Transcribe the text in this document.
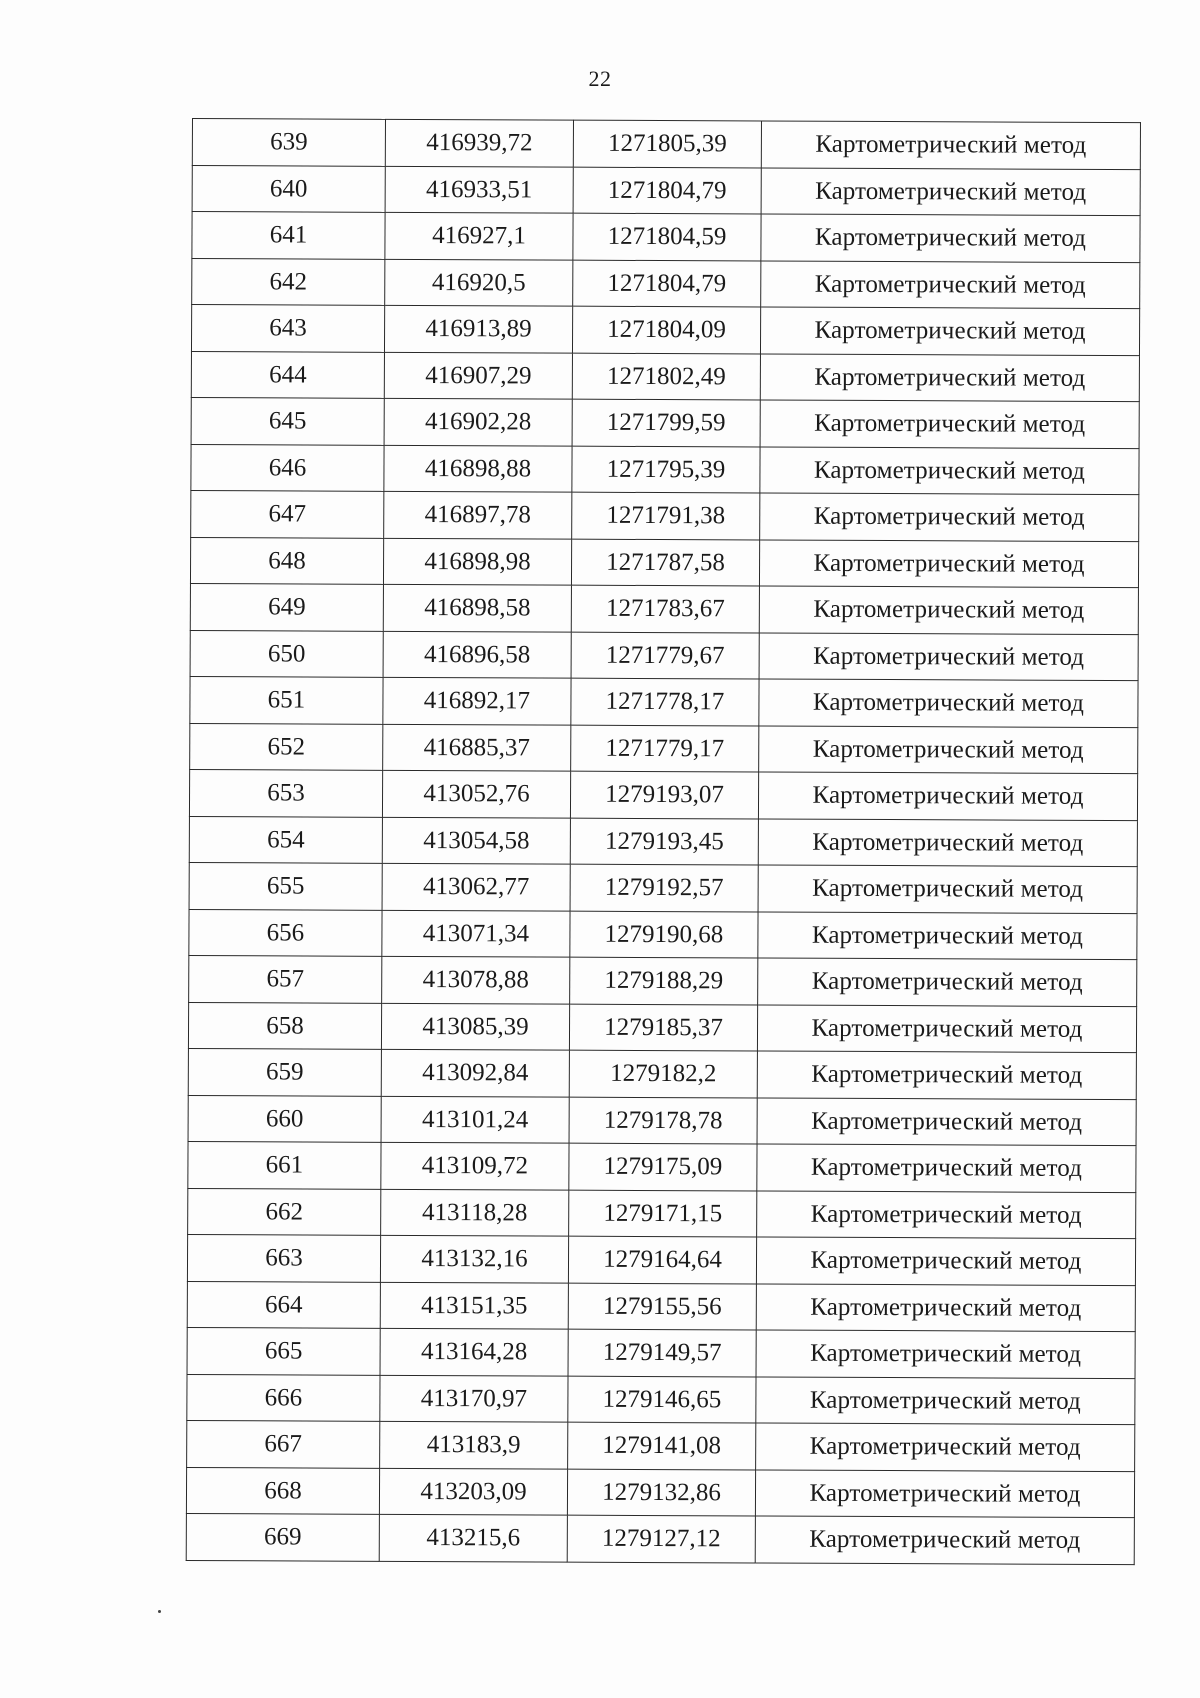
22
639	416939,72	1271805,39	Картометрический метод
640	416933,51	1271804,79	Картометрический метод
641	416927,1	1271804,59	Картометрический метод
642	416920,5	1271804,79	Картометрический метод
643	416913,89	1271804,09	Картометрический метод
644	416907,29	1271802,49	Картометрический метод
645	416902,28	1271799,59	Картометрический метод
646	416898,88	1271795,39	Картометрический метод
647	416897,78	1271791,38	Картометрический метод
648	416898,98	1271787,58	Картометрический метод
649	416898,58	1271783,67	Картометрический метод
650	416896,58	1271779,67	Картометрический метод
651	416892,17	1271778,17	Картометрический метод
652	416885,37	1271779,17	Картометрический метод
653	413052,76	1279193,07	Картометрический метод
654	413054,58	1279193,45	Картометрический метод
655	413062,77	1279192,57	Картометрический метод
656	413071,34	1279190,68	Картометрический метод
657	413078,88	1279188,29	Картометрический метод
658	413085,39	1279185,37	Картометрический метод
659	413092,84	1279182,2	Картометрический метод
660	413101,24	1279178,78	Картометрический метод
661	413109,72	1279175,09	Картометрический метод
662	413118,28	1279171,15	Картометрический метод
663	413132,16	1279164,64	Картометрический метод
664	413151,35	1279155,56	Картометрический метод
665	413164,28	1279149,57	Картометрический метод
666	413170,97	1279146,65	Картометрический метод
667	413183,9	1279141,08	Картометрический метод
668	413203,09	1279132,86	Картометрический метод
669	413215,6	1279127,12	Картометрический метод
